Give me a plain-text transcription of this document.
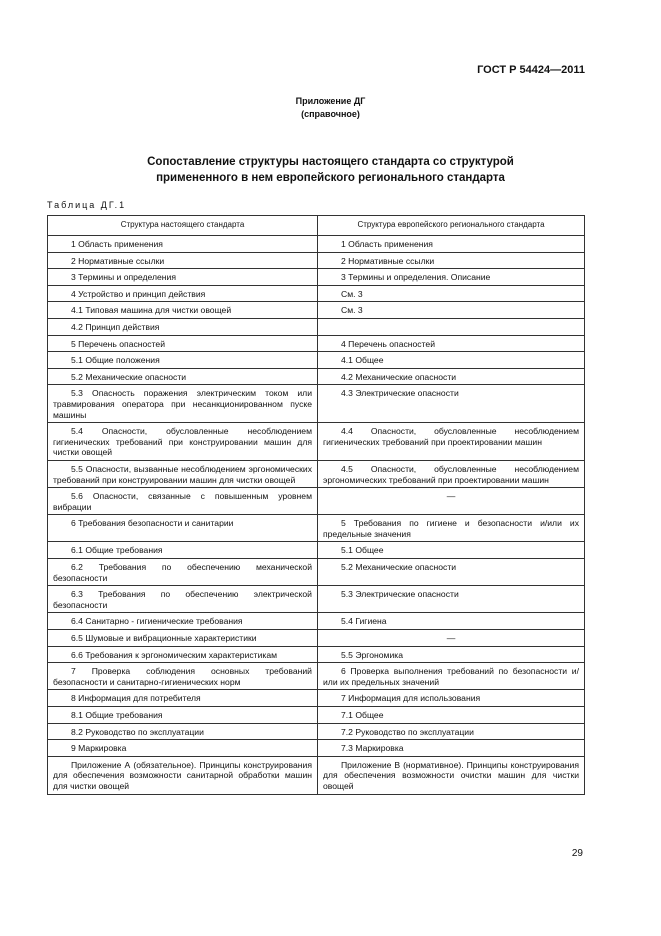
ГОСТ Р 54424—2011
Приложение ДГ
(справочное)
Сопоставление структуры настоящего стандарта со структурой
примененного в нем европейского регионального стандарта
Таблица ДГ.1
Структура настоящего стандарта	Структура европейского регионального стандарта

1 Область применения	1 Область применения

2 Нормативные ссылки	2 Нормативные ссылки

3 Термины и определения	3 Термины и определения. Описание

4 Устройство и принцип действия	См. 3

4.1 Типовая машина для чистки овощей	См. 3

4.2 Принцип действия	

5 Перечень опасностей	4 Перечень опасностей

5.1 Общие положения	4.1 Общее

5.2 Механические опасности	4.2 Механические опасности

5.3 Опасность поражения электрическим током или травмирования оператора при несанкционированном пуске машины	4.3 Электрические опасности

5.4 Опасности, обусловленные несоблюдением гигиенических требований при конструировании машин для чистки овощей	4.4 Опасности, обусловленные несоблюдением гигиенических требований при проектировании машин

5.5 Опасности, вызванные несоблюдением эргономических требований при конструировании машин для чистки овощей	4.5 Опасности, обусловленные несоблюдением эргономических требований при проектировании машин

5.6 Опасности, связанные с повышенным уровнем вибрации	—

6 Требования безопасности и санитарии	5 Требования по гигиене и безопасности и/или их предельные значения

6.1 Общие требования	5.1 Общее

6.2 Требования по обеспечению механической безопасности	5.2 Механические опасности

6.3 Требования по обеспечению электрической безопасности	5.3 Электрические опасности

6.4 Санитарно - гигиенические требования	5.4 Гигиена

6.5 Шумовые и вибрационные характеристики	—

6.6 Требования к эргономическим характеристикам	5.5 Эргономика

7 Проверка соблюдения основных требований безопасности и санитарно-гигиенических норм	6 Проверка выполнения требований по безопасности и/или их предельных значений

8 Информация для потребителя	7 Информация для использования

8.1 Общие требования	7.1 Общее

8.2 Руководство по эксплуатации	7.2 Руководство по эксплуатации

9 Маркировка	7.3 Маркировка

Приложение А (обязательное). Принципы конструирования для обеспечения возможности санитарной обработки машин для чистки овощей	Приложение В (нормативное). Принципы конструирования для обеспечения возможности очистки машин для чистки овощей
29
